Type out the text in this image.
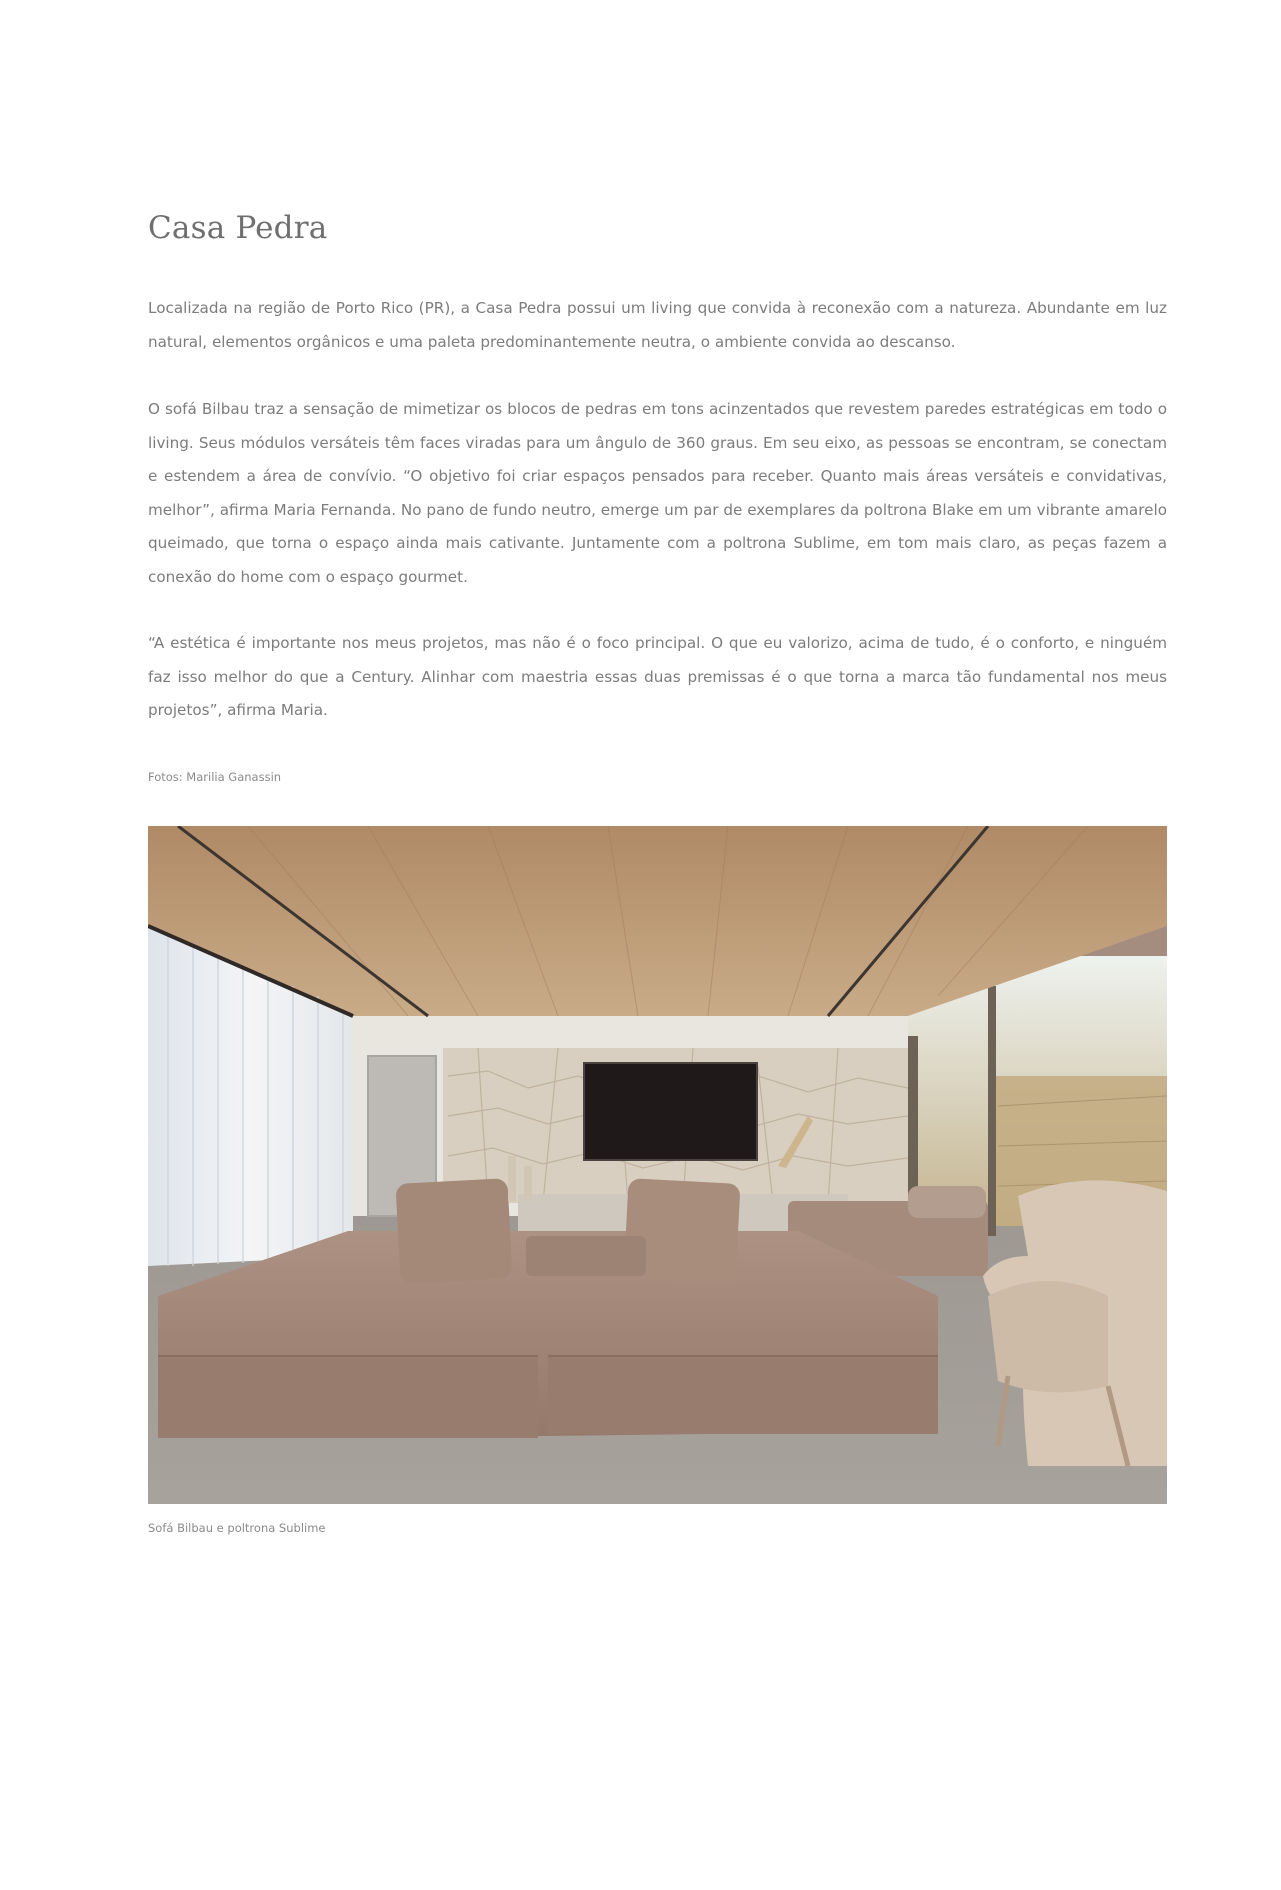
Casa Pedra

Localizada na região de Porto Rico (PR), a Casa Pedra possui um living que convida à reconexão com a natureza. Abundante em luz natural, elementos orgânicos e uma paleta predominantemente neutra, o ambiente convida ao descanso.

O sofá Bilbau traz a sensação de mimetizar os blocos de pedras em tons acinzentados que revestem paredes estratégicas em todo o living. Seus módulos versáteis têm faces viradas para um ângulo de 360 graus. Em seu eixo, as pessoas se encontram, se conectam e estendem a área de convívio. “O objetivo foi criar espaços pensados para receber. Quanto mais áreas versáteis e convidativas, melhor”, afirma Maria Fernanda. No pano de fundo neutro, emerge um par de exemplares da poltrona Blake em um vibrante amarelo queimado, que torna o espaço ainda mais cativante. Juntamente com a poltrona Sublime, em tom mais claro, as peças fazem a conexão do home com o espaço gourmet.

“A estética é importante nos meus projetos, mas não é o foco principal. O que eu valorizo, acima de tudo, é o conforto, e ninguém faz isso melhor do que a Century. Alinhar com maestria essas duas premissas é o que torna a marca tão fundamental nos meus projetos”, afirma Maria.

Fotos: Marilia Ganassin

Sofá Bilbau e poltrona Sublime
